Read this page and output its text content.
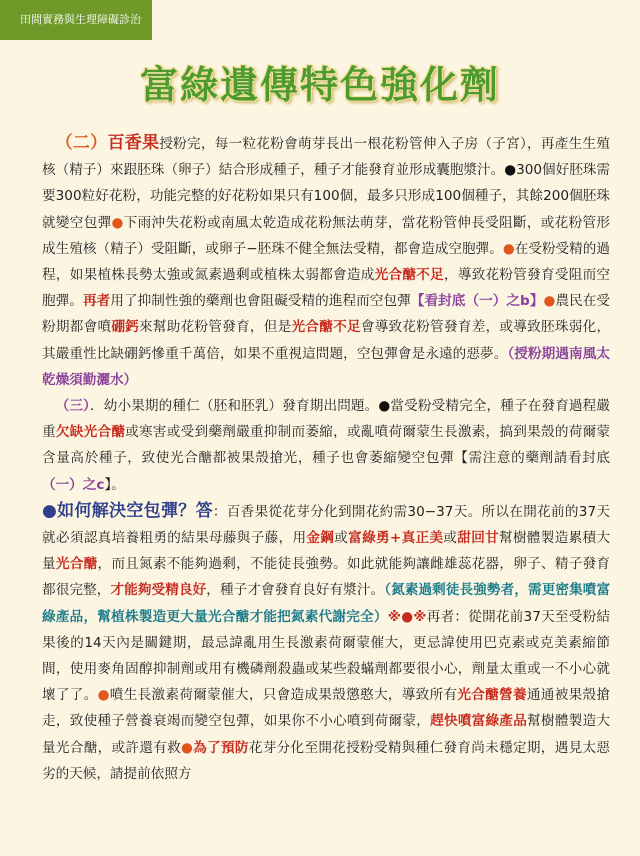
田間實務與生理障礙診治
富綠遺傳特色強化劑

（二）百香果授粉完，每一粒花粉會萌芽長出一根花粉管伸入子房（子宮），再產生生殖核（精子）來跟胚珠（卵子）結合形成種子，種子才能發育並形成囊胞漿汁。●300個好胚珠需要300粒好花粉，功能完整的好花粉如果只有100個，最多只形成100個種子，其餘200個胚珠就變空包彈●下雨沖失花粉或南風太乾造成花粉無法萌芽，當花粉管伸長受阻斷，或花粉管形成生殖核（精子）受阻斷，或卵子−胚珠不健全無法受精，都會造成空胞彈。●在受粉受精的過程，如果植株長勢太強或氮素過剩或植株太弱都會造成光合醣不足，導致花粉管發育受阻而空胞彈。再者用了抑制性強的藥劑也會阻礙受精的進程而空包彈【看封底（一）之b】●農民在受粉期都會噴硼鈣來幫助花粉管發育，但是光合醣不足會導致花粉管發育差，或導致胚珠弱化，其嚴重性比缺硼鈣慘重千萬倍，如果不重視這問題，空包彈會是永遠的惡夢。（授粉期遇南風太乾燥須勤灑水）

（三）．幼小果期的種仁（胚和胚乳）發育期出問題。●當受粉受精完全，種子在發育過程嚴重欠缺光合醣或寒害或受到藥劑嚴重抑制而萎縮，或亂噴荷爾蒙生長激素，搞到果殼的荷爾蒙含量高於種子，致使光合醣都被果殼搶光，種子也會萎縮變空包彈【需注意的藥劑請看封底（一）之c】。

●如何解決空包彈？答：百香果從花芽分化到開花約需30−37天。所以在開花前的37天就必須認真培養粗勇的結果母藤與子藤，用金鋼或富綠勇+真正美或甜回甘幫樹體製造累積大量光合醣，而且氮素不能夠過剩，不能徒長強勢。如此就能夠讓雌雄蕊花器，卵子、精子發育都很完整，才能夠受精良好，種子才會發育良好有漿汁。（氮素過剩徒長強勢者，需更密集噴富綠產品，幫植株製造更大量光合醣才能把氮素代謝完全）※●※再者：從開花前37天至受粉結果後的14天內是關鍵期，最忌諱亂用生長激素荷爾蒙催大，更忌諱使用巴克素或克美素縮節間，使用麥角固醇抑制劑或用有機磷劑殺蟲或某些殺蟎劑都要很小心，劑量太重或一不小心就壞了了。●噴生長激素荷爾蒙催大，只會造成果殼懲憨大，導致所有光合醣營養通通被果殼搶走，致使種子營養衰竭而變空包彈，如果你不小心噴到荷爾蒙，趕快噴富綠產品幫樹體製造大量光合醣，或許還有救●為了預防花芽分化至開花授粉受精與種仁發育尚未穩定期，遇見太惡劣的天候，請提前依照方
